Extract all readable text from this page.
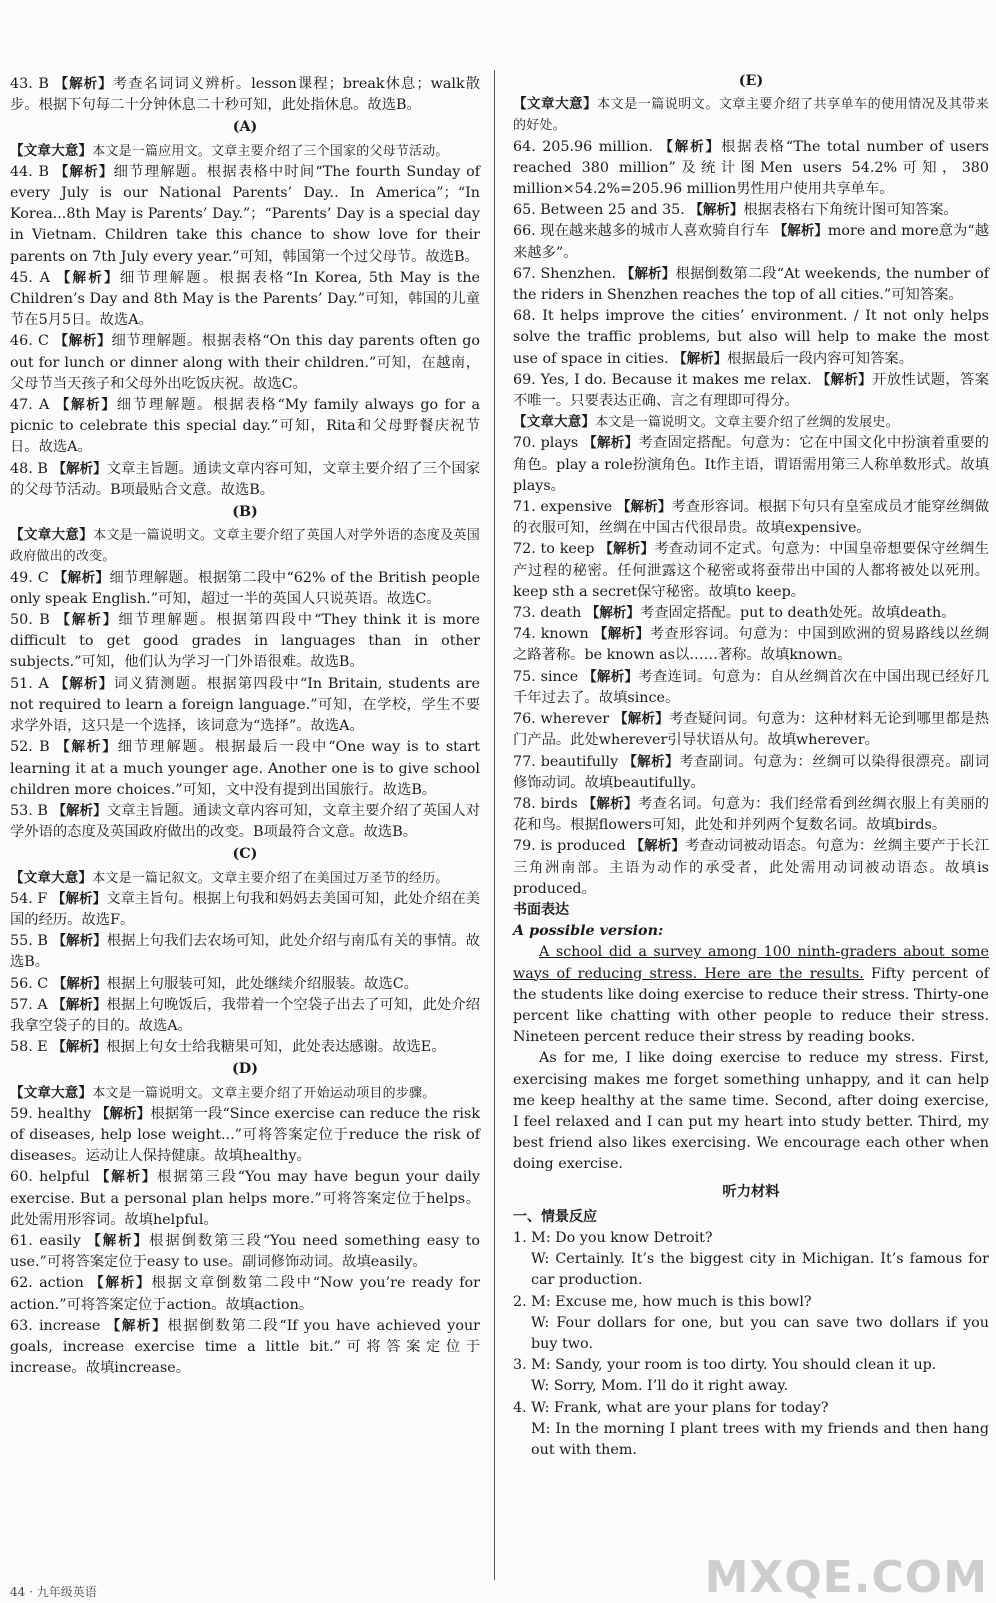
43. B 【解析】考查名词词义辨析。lesson课程；break休息；walk散步。根据下句每二十分钟休息二十秒可知，此处指休息。故选B。

(A)

【文章大意】本文是一篇应用文。文章主要介绍了三个国家的父母节活动。

44. B 【解析】细节理解题。根据表格中时间“The fourth Sunday of every July is our National Parents’ Day.. In America”；“In Korea...8th May is Parents’ Day.”；“Parents’ Day is a special day in Vietnam. Children take this chance to show love for their parents on 7th July every year.”可知，韩国第一个过父母节。故选B。

45. A 【解析】细节理解题。根据表格“In Korea, 5th May is the Children’s Day and 8th May is the Parents’ Day.”可知，韩国的儿童节在5月5日。故选A。

46. C 【解析】细节理解题。根据表格“On this day parents often go out for lunch or dinner along with their children.”可知，在越南，父母节当天孩子和父母外出吃饭庆祝。故选C。

47. A 【解析】细节理解题。根据表格“My family always go for a picnic to celebrate this special day.”可知，Rita和父母野餐庆祝节日。故选A。

48. B 【解析】文章主旨题。通读文章内容可知，文章主要介绍了三个国家的父母节活动。B项最贴合文意。故选B。

(B)

【文章大意】本文是一篇说明文。文章主要介绍了英国人对学外语的态度及英国政府做出的改变。

49. C 【解析】细节理解题。根据第二段中“62% of the British people only speak English.”可知，超过一半的英国人只说英语。故选C。

50. B 【解析】细节理解题。根据第四段中“They think it is more difficult to get good grades in languages than in other subjects.”可知，他们认为学习一门外语很难。故选B。

51. A 【解析】词义猜测题。根据第四段中“In Britain, students are not required to learn a foreign language.”可知，在学校，学生不要求学外语，这只是一个选择，该词意为“选择”。故选A。

52. B 【解析】细节理解题。根据最后一段中“One way is to start learning it at a much younger age. Another one is to give school children more choices.”可知，文中没有提到出国旅行。故选B。

53. B 【解析】文章主旨题。通读文章内容可知，文章主要介绍了英国人对学外语的态度及英国政府做出的改变。B项最符合文意。故选B。

(C)

【文章大意】本文是一篇记叙文。文章主要介绍了在美国过万圣节的经历。

54. F 【解析】文章主旨句。根据上句我和妈妈去美国可知，此处介绍在美国的经历。故选F。

55. B 【解析】根据上句我们去农场可知，此处介绍与南瓜有关的事情。故选B。

56. C 【解析】根据上句服装可知，此处继续介绍服装。故选C。

57. A 【解析】根据上句晚饭后，我带着一个空袋子出去了可知，此处介绍我拿空袋子的目的。故选A。

58. E 【解析】根据上句女士给我糖果可知，此处表达感谢。故选E。

(D)

【文章大意】本文是一篇说明文。文章主要介绍了开始运动项目的步骤。

59. healthy 【解析】根据第一段“Since exercise can reduce the risk of diseases, help lose weight...”可将答案定位于reduce the risk of diseases。运动让人保持健康。故填healthy。

60. helpful 【解析】根据第三段“You may have begun your daily exercise. But a personal plan helps more.”可将答案定位于helps。此处需用形容词。故填helpful。

61. easily 【解析】根据倒数第三段“You need something easy to use.”可将答案定位于easy to use。副词修饰动词。故填easily。

62. action 【解析】根据文章倒数第二段中“Now you’re ready for action.”可将答案定位于action。故填action。

63. increase 【解析】根据倒数第二段“If you have achieved your goals, increase exercise time a little bit.”可将答案定位于increase。故填increase。

(E)

【文章大意】本文是一篇说明文。文章主要介绍了共享单车的使用情况及其带来的好处。

64. 205.96 million. 【解析】根据表格“The total number of users reached 380 million”及统计图Men users 54.2%可知，380 million×54.2%=205.96 million男性用户使用共享单车。

65. Between 25 and 35. 【解析】根据表格右下角统计图可知答案。

66. 现在越来越多的城市人喜欢骑自行车 【解析】more and more意为“越来越多”。

67. Shenzhen. 【解析】根据倒数第二段“At weekends, the number of the riders in Shenzhen reaches the top of all cities.”可知答案。

68. It helps improve the cities’ environment. / It not only helps solve the traffic problems, but also will help to make the most use of space in cities. 【解析】根据最后一段内容可知答案。

69. Yes, I do. Because it makes me relax. 【解析】开放性试题，答案不唯一。只要表达正确、言之有理即可得分。

【文章大意】本文是一篇说明文。文章主要介绍了丝绸的发展史。

70. plays 【解析】考查固定搭配。句意为：它在中国文化中扮演着重要的角色。play a role扮演角色。It作主语，谓语需用第三人称单数形式。故填plays。

71. expensive 【解析】考查形容词。根据下句只有皇室成员才能穿丝绸做的衣服可知，丝绸在中国古代很昂贵。故填expensive。

72. to keep 【解析】考查动词不定式。句意为：中国皇帝想要保守丝绸生产过程的秘密。任何泄露这个秘密或将蚕带出中国的人都将被处以死刑。keep sth a secret保守秘密。故填to keep。

73. death 【解析】考查固定搭配。put to death处死。故填death。

74. known 【解析】考查形容词。句意为：中国到欧洲的贸易路线以丝绸之路著称。be known as以……著称。故填known。

75. since 【解析】考查连词。句意为：自从丝绸首次在中国出现已经好几千年过去了。故填since。

76. wherever 【解析】考查疑问词。句意为：这种材料无论到哪里都是热门产品。此处wherever引导状语从句。故填wherever。

77. beautifully 【解析】考查副词。句意为：丝绸可以染得很漂亮。副词修饰动词。故填beautifully。

78. birds 【解析】考查名词。句意为：我们经常看到丝绸衣服上有美丽的花和鸟。根据flowers可知，此处和并列两个复数名词。故填birds。

79. is produced 【解析】考查动词被动语态。句意为：丝绸主要产于长江三角洲南部。主语为动作的承受者，此处需用动词被动语态。故填is produced。

书面表达

A possible version:

A school did a survey among 100 ninth-graders about some ways of reducing stress. Here are the results. Fifty percent of the students like doing exercise to reduce their stress. Thirty-one percent like chatting with other people to reduce their stress. Nineteen percent reduce their stress by reading books.

As for me, I like doing exercise to reduce my stress. First, exercising makes me forget something unhappy, and it can help me keep healthy at the same time. Second, after doing exercise, I feel relaxed and I can put my heart into study better. Third, my best friend also likes exercising. We encourage each other when doing exercise.

听力材料

一、情景反应

1. M: Do you know Detroit?

W: Certainly. It’s the biggest city in Michigan. It’s famous for car production.

2. M: Excuse me, how much is this bowl?

W: Four dollars for one, but you can save two dollars if you buy two.

3. M: Sandy, your room is too dirty. You should clean it up.

W: Sorry, Mom. I’ll do it right away.

4. W: Frank, what are your plans for today?

M: In the morning I plant trees with my friends and then hang out with them.

44 · 九年级英语	MXQE.COM
